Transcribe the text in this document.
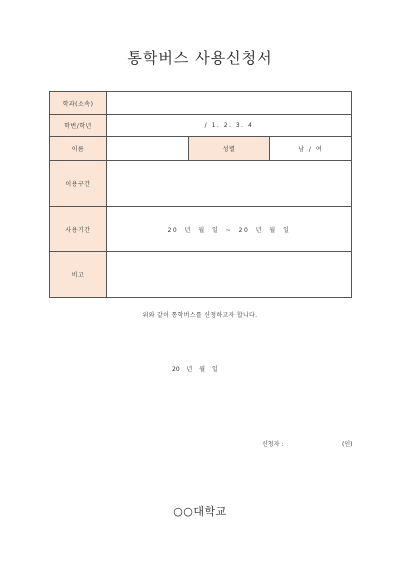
통학버스 사용신청서
학과(소속)			
학번/학년	/ 1. 2. 3. 4		
이름		성별	남 / 여
이용구간			
사용기간	20 년 월 일 ~ 20 년 월 일		
비고			
위와 같이 통학버스를 신청하고자 합니다.
20 년 월 일
신청자 :	(인)
○○대학교
